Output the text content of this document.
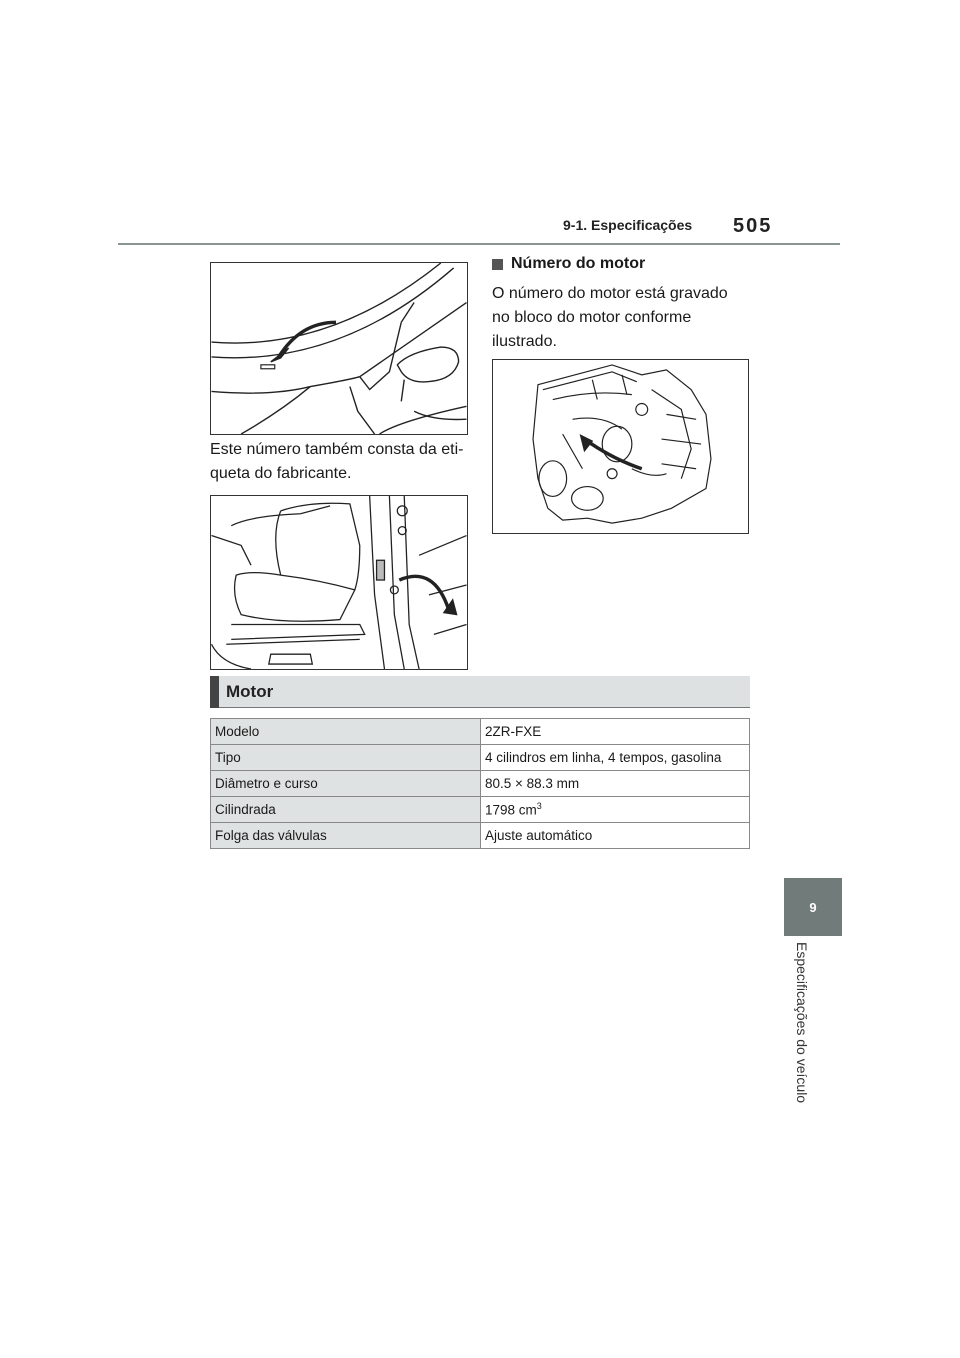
9-1. Especificações 505
9
Especificações do veículo
Este número também consta da eti-
queta do fabricante.
Número do motor
O número do motor está gravado
no bloco do motor conforme
ilustrado.
Motor
Modelo	2ZR-FXE
Tipo	4 cilindros em linha, 4 tempos, gasolina
Diâmetro e curso	80.5 × 88.3 mm
Cilindrada	1798 $cm^3$
Folga das válvulas	Ajuste automático
